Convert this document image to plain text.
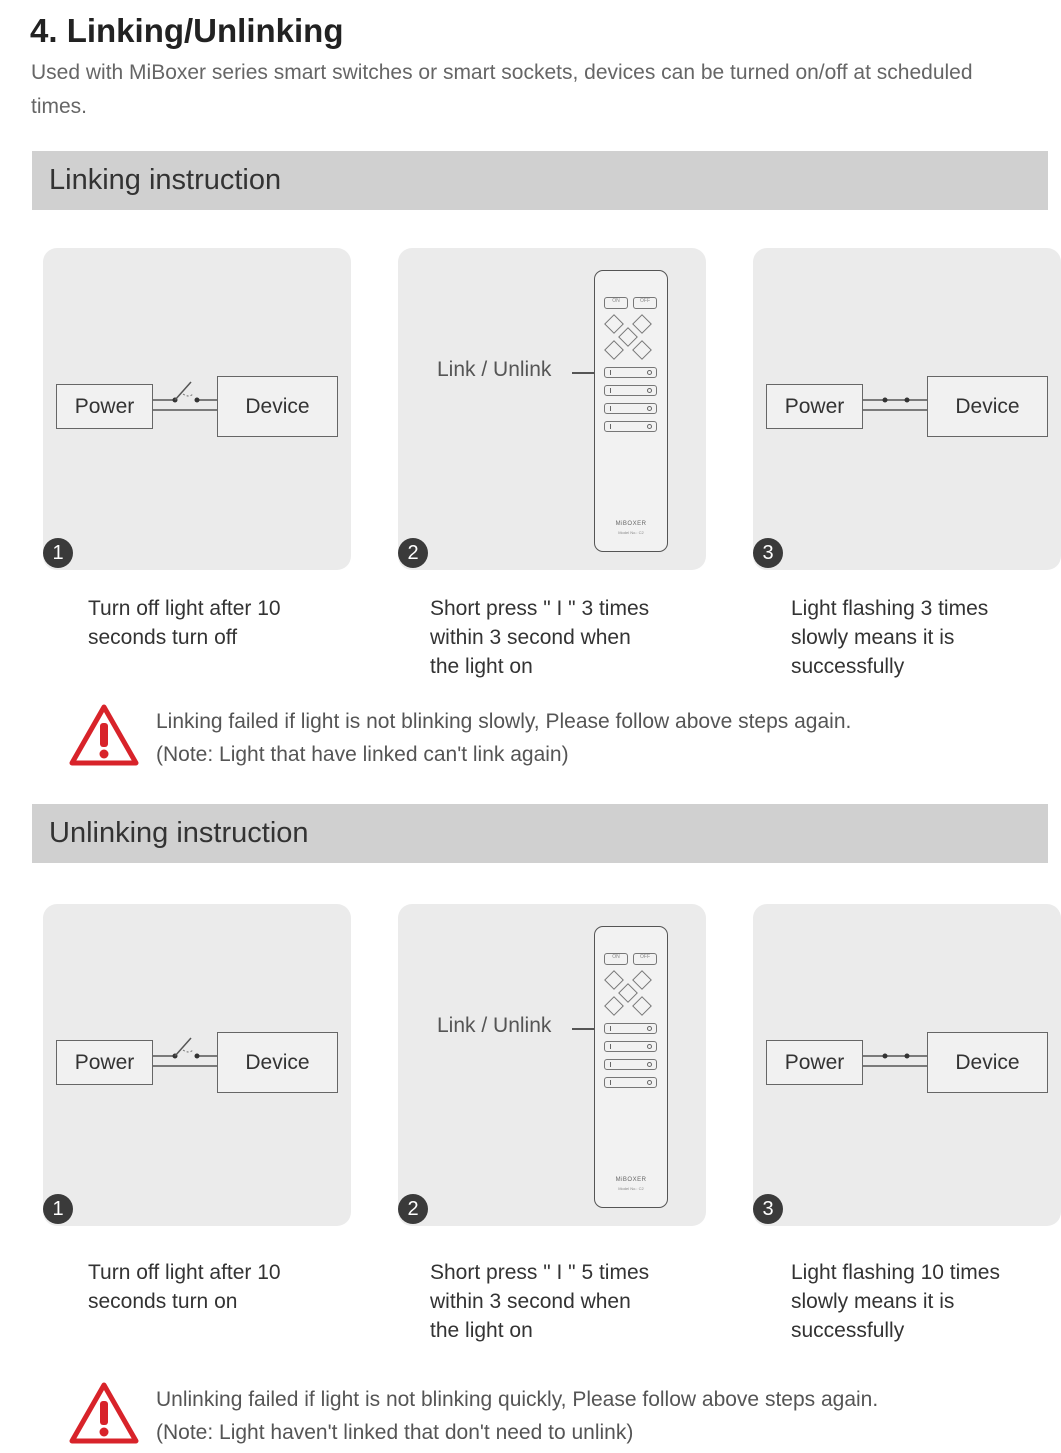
4. Linking/Unlinking
Used with MiBoxer series smart switches or smart sockets, devices can be turned on/off at scheduled times.
Linking instruction
Power	Device
1
Link / Unlink
ON	OFF
MiBOXER
Model No.: C2
2
Power	Device
3
Turn off light after 10
seconds turn off
Short press " I " 3 times
within 3 second when
the light on
Light flashing 3 times
slowly means it is
successfully
Linking failed if light is not blinking slowly, Please follow above steps again.
(Note: Light that have linked can't link again)
Unlinking instruction
Power	Device
1
Link / Unlink
ON	OFF
MiBOXER
Model No.: C2
2
Power	Device
3
Turn off light after 10
seconds turn on
Short press " I " 5 times
within 3 second when
the light on
Light flashing 10 times
slowly means it is
successfully
Unlinking failed if light is not blinking quickly, Please follow above steps again.
(Note: Light haven't linked that don't need to unlink)
